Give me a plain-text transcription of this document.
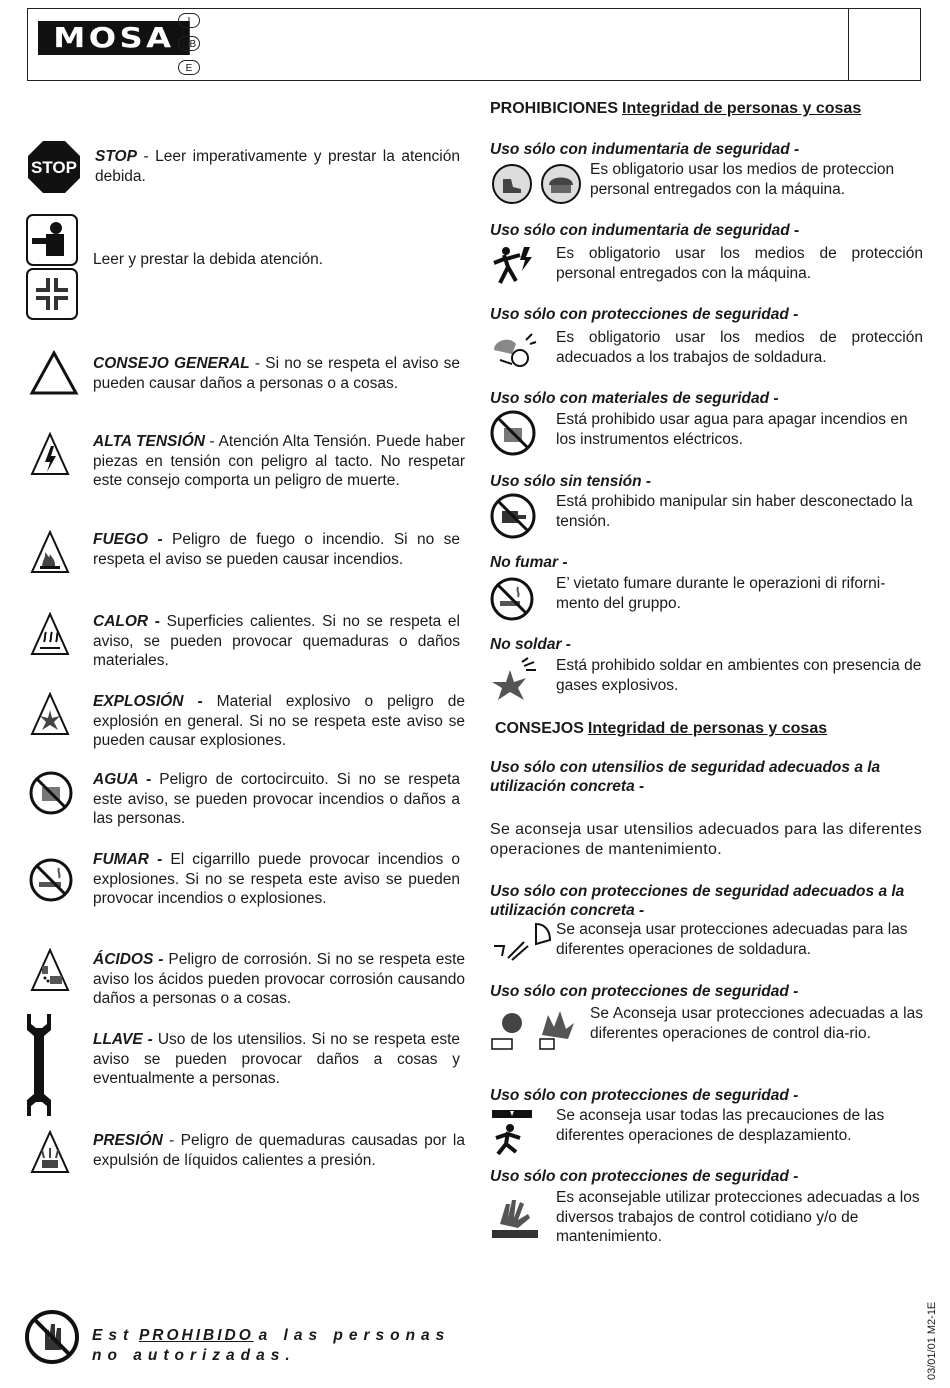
MOSA	I
GB
E
STOP
STOP - Leer imperativamente y prestar la atención debida.
Leer y prestar la debida atención.
CONSEJO GENERAL - Si no se respeta el aviso se pueden causar daños a personas o a cosas.
ALTA TENSIÓN - Atención Alta Tensión. Puede haber piezas en tensión con peligro al tacto. No respetar este consejo comporta un peligro de muerte.
FUEGO - Peligro de fuego o incendio. Si no se respeta el aviso se pueden causar incendios.
CALOR - Superficies calientes. Si no se respeta el aviso, se pueden provocar quemaduras o daños materiales.
EXPLOSIÓN - Material explosivo o peligro de explosión en general. Si no se respeta este aviso se pueden causar explosiones.
AGUA - Peligro de cortocircuito. Si no se respeta este aviso, se pueden provocar incendios o daños a las personas.
FUMAR - El cigarrillo puede provocar incendios o explosiones. Si no se respeta este aviso se pueden provocar incendios o explosiones.
ÁCIDOS - Peligro de corrosión. Si no se respeta este aviso los ácidos pueden provocar corrosión causando daños a personas o a cosas.
LLAVE - Uso de los utensilios. Si no se respeta este aviso se pueden provocar daños a cosas y eventualmente a personas.
PRESIÓN - Peligro de quemaduras causadas por la expulsión de líquidos calientes a presión.
Est PROHIBIDO a las personas no autorizadas.
PROHIBICIONES Integridad de personas y cosas
Uso sólo con indumentaria de seguridad -
Es obligatorio usar los medios de proteccion personal entregados con la máquina.
Uso sólo con indumentaria de seguridad -
Es obligatorio usar los medios de protección personal entregados con la máquina.
Uso sólo con protecciones de seguridad -
Es obligatorio usar los medios de protección adecuados a los trabajos de soldadura.
Uso sólo con materiales de seguridad -
Está prohibido usar agua para apagar incendios en los instrumentos eléctricos.
Uso sólo sin tensión -
Está prohibido manipular sin haber desconectado la tensión.
No fumar -
E’ vietato fumare durante le operazioni di riforni-mento del gruppo.
No soldar -
Está prohibido soldar en ambientes con presencia de gases explosivos.
CONSEJOS Integridad de personas y cosas
Uso sólo con utensilios de seguridad adecuados a la utilización concreta -
Se aconseja usar utensilios adecuados para las diferentes operaciones de mantenimiento.
Uso sólo con protecciones de seguridad adecuados a la utilización concreta -
Se aconseja usar protecciones adecuadas para las diferentes operaciones de soldadura.
Uso sólo con protecciones de seguridad -
Se Aconseja usar protecciones adecuadas a las diferentes operaciones de control dia-rio.
Uso sólo con protecciones de seguridad -
Se aconseja usar todas las precauciones de las diferentes operaciones de desplazamiento.
Uso sólo con protecciones de seguridad -
Es aconsejable utilizar protecciones adecuadas a los diversos trabajos de control cotidiano y/o de mantenimiento.
03/01/01 M2-1E
